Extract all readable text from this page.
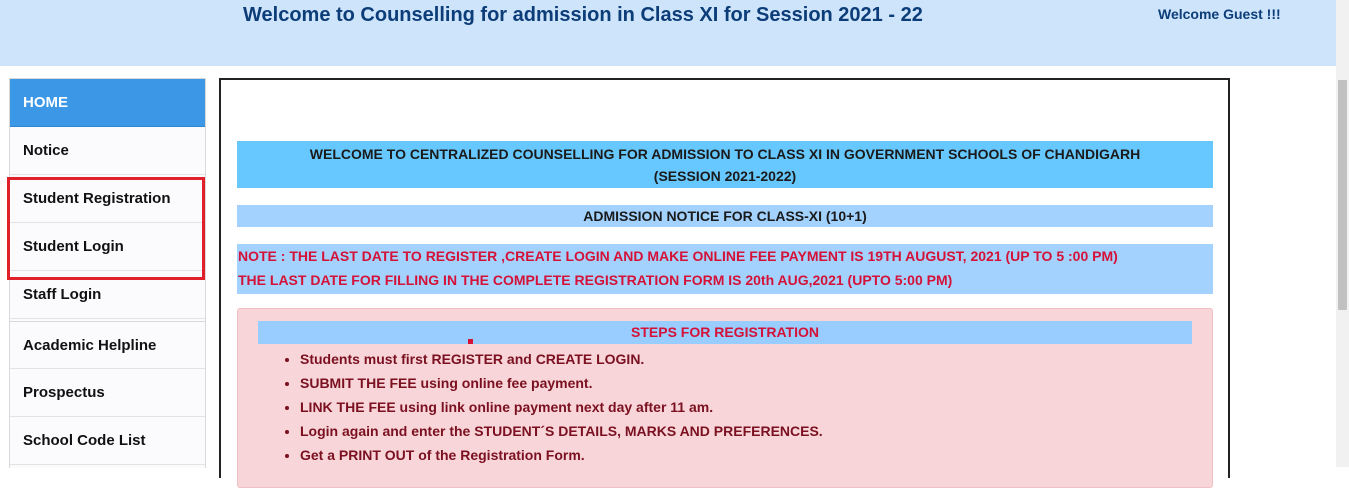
Welcome to Counselling for admission in Class XI for Session 2021 - 22	Welcome Guest !!!
HOME
Notice
Student Registration
Student Login
Staff Login
Academic Helpline
Prospectus
School Code List
WELCOME TO CENTRALIZED COUNSELLING FOR ADMISSION TO CLASS XI IN GOVERNMENT SCHOOLS OF CHANDIGARH
(SESSION 2021-2022)
ADMISSION NOTICE FOR CLASS-XI (10+1)
NOTE : THE LAST DATE TO REGISTER ,CREATE LOGIN AND MAKE ONLINE FEE PAYMENT IS 19TH AUGUST, 2021 (UP TO 5 :00 PM)
THE LAST DATE FOR FILLING IN THE COMPLETE REGISTRATION FORM IS 20th AUG,2021 (UPTO 5:00 PM)
STEPS FOR REGISTRATION
• Students must first REGISTER and CREATE LOGIN.
• SUBMIT THE FEE using online fee payment.
• LINK THE FEE using link online payment next day after 11 am.
• Login again and enter the STUDENT´S DETAILS, MARKS AND PREFERENCES.
• Get a PRINT OUT of the Registration Form.
